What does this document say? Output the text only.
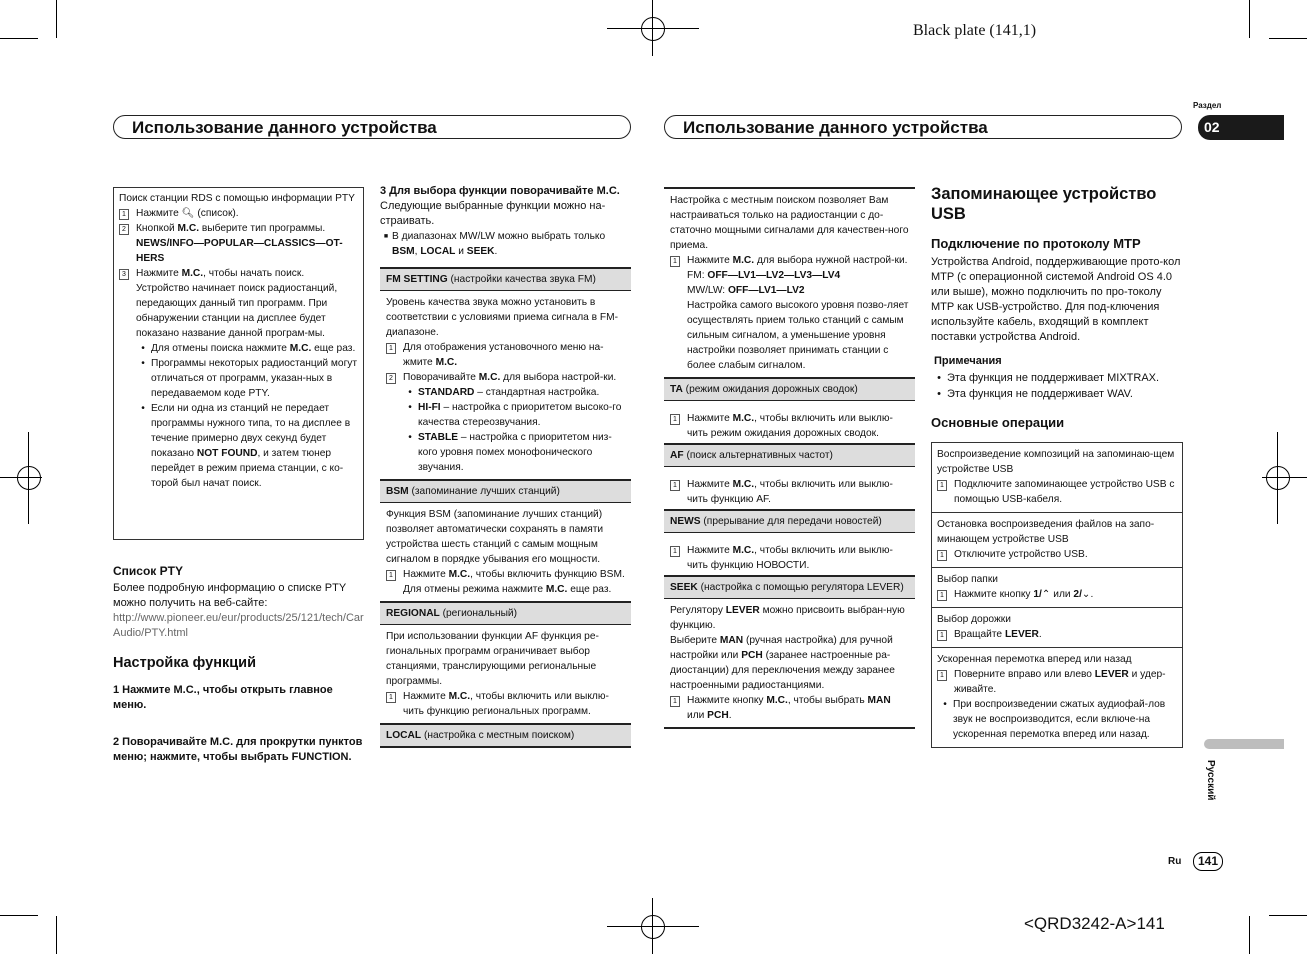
Black plate (141,1)
<QRD3242-A>141
Использование данного устройства	Использование данного устройства
Раздел
02
Русский
Ru	141
Поиск станции RDS с помощью информации PTY
1 Нажмите 🔍︎ (список).
2 Кнопкой M.C. выберите тип программы.
NEWS/INFO—POPULAR—CLASSICS—OT-HERS
3 Нажмите M.C., чтобы начать поиск.
Устройство начинает поиск радиостанций, передающих данный тип программ. При обнаружении станции на дисплее будет показано название данной програм-мы.
• Для отмены поиска нажмите M.C. еще раз.
• Программы некоторых радиостанций могут отличаться от программ, указан-ных в передаваемом коде PTY.
• Если ни одна из станций не передает программы нужного типа, то на дисплее в течение примерно двух секунд будет показано NOT FOUND, и затем тюнер перейдет в режим приема станции, с ко-торой был начат поиск.
Список PTY
Более подробную информацию о списке PTY можно получить на веб-сайте:
http://www.pioneer.eu/eur/products/25/121/tech/CarAudio/PTY.html
Настройка функций
1 Нажмите M.C., чтобы открыть главное меню.
2 Поворачивайте M.C. для прокрутки пунктов меню; нажмите, чтобы выбрать FUNCTION.
3 Для выбора функции поворачивайте M.C.
Следующие выбранные функции можно на-страивать.
■ В диапазонах MW/LW можно выбрать только BSM, LOCAL и SEEK.
FM SETTING (настройки качества звука FM)
Уровень качества звука можно установить в соответствии с условиями приема сигнала в FM-диапазоне.
1 Для отображения установочного меню на-жмите M.C.
2 Поворачивайте M.C. для выбора настрой-ки.
• STANDARD – стандартная настройка.
• HI-FI – настройка с приоритетом высоко-го качества стереозвучания.
• STABLE – настройка с приоритетом низ-кого уровня помех монофонического звучания.
BSM (запоминание лучших станций)
Функция BSM (запоминание лучших станций) позволяет автоматически сохранять в памяти устройства шесть станций с самым мощным сигналом в порядке убывания его мощности.
1 Нажмите M.C., чтобы включить функцию BSM.
Для отмены режима нажмите M.C. еще раз.
REGIONAL (региональный)
При использовании функции AF функция ре-гиональных программ ограничивает выбор станциями, транслирующими региональные программы.
1 Нажмите M.C., чтобы включить или выклю-чить функцию региональных программ.
LOCAL (настройка с местным поиском)
Настройка с местным поиском позволяет Вам настраиваться только на радиостанции с до-статочно мощными сигналами для качествен-ного приема.
1 Нажмите M.C. для выбора нужной настрой-ки.
FM: OFF—LV1—LV2—LV3—LV4
MW/LW: OFF—LV1—LV2
Настройка самого высокого уровня позво-ляет осуществлять прием только станций с самым сильным сигналом, а уменьшение уровня настройки позволяет принимать станции с более слабым сигналом.
TA (режим ожидания дорожных сводок)
1 Нажмите M.C., чтобы включить или выклю-чить режим ожидания дорожных сводок.
AF (поиск альтернативных частот)
1 Нажмите M.C., чтобы включить или выклю-чить функцию AF.
NEWS (прерывание для передачи новостей)
1 Нажмите M.C., чтобы включить или выклю-чить функцию НОВОСТИ.
SEEK (настройка с помощью регулятора LEVER)
Регулятору LEVER можно присвоить выбран-ную функцию.
Выберите MAN (ручная настройка) для ручной настройки или PCH (заранее настроенные ра-диостанции) для переключения между заранее настроенными радиостанциями.
1 Нажмите кнопку M.C., чтобы выбрать MAN или PCH.
Запоминающее устройство USB
Подключение по протоколу MTP
Устройства Android, поддерживающие прото-кол MTP (с операционной системой Android OS 4.0 или выше), можно подключить по про-токолу MTP как USB-устройство. Для под-ключения используйте кабель, входящий в комплект поставки устройства Android.
Примечания
• Эта функция не поддерживает MIXTRAX.
• Эта функция не поддерживает WAV.
Основные операции
Воспроизведение композиций на запоминаю-щем устройстве USB
1 Подключите запоминающее устройство USB с помощью USB-кабеля.
Остановка воспроизведения файлов на запо-минающем устройстве USB
1 Отключите устройство USB.
Выбор папки
1 Нажмите кнопку 1/⌃ или 2/⌄.
Выбор дорожки
1 Вращайте LEVER.
Ускоренная перемотка вперед или назад
1 Поверните вправо или влево LEVER и удер-живайте.
• При воспроизведении сжатых аудиофай-лов звук не воспроизводится, если включе-на ускоренная перемотка вперед или назад.
